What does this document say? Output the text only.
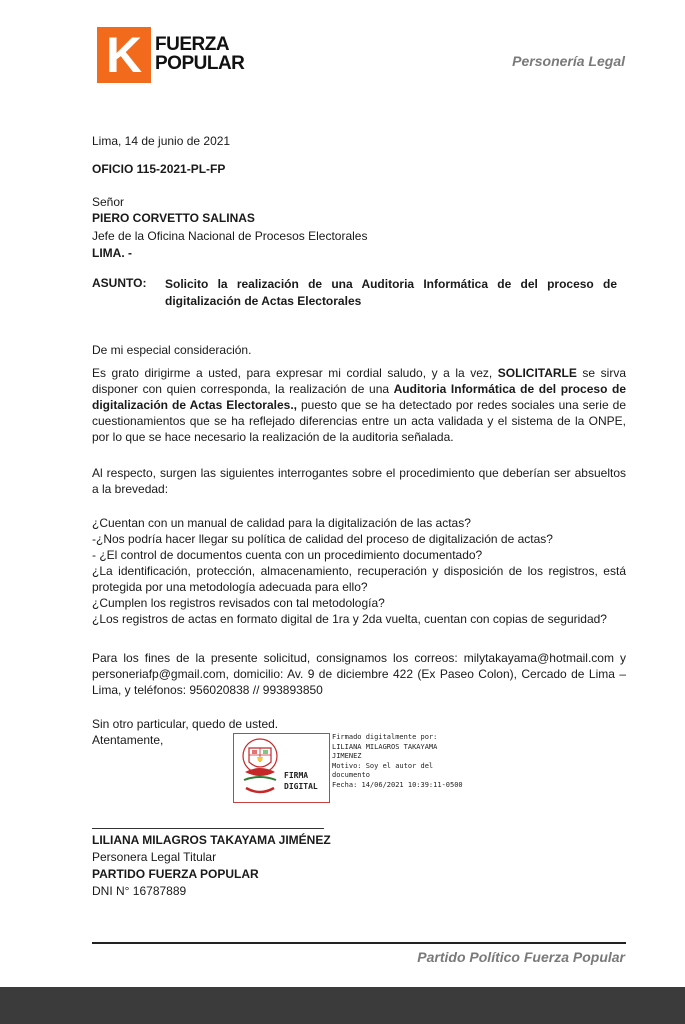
K FUERZA
POPULAR	Personería Legal
Lima, 14 de junio de 2021
OFICIO 115-2021-PL-FP
Señor
PIERO CORVETTO SALINAS
Jefe de la Oficina Nacional de Procesos Electorales
LIMA. -
ASUNTO: Solicito la realización de una Auditoria Informática de del proceso de digitalización de Actas Electorales
De mi especial consideración.

Es grato dirigirme a usted, para expresar mi cordial saludo, y a la vez, SOLICITARLE se sirva disponer con quien corresponda, la realización de una Auditoria Informática de del proceso de digitalización de Actas Electorales., puesto que se ha detectado por redes sociales una serie de cuestionamientos que se ha reflejado diferencias entre un acta validada y el sistema de la ONPE, por lo que se hace necesario la realización de la auditoria señalada.

Al respecto, surgen las siguientes interrogantes sobre el procedimiento que deberían ser absueltos a la brevedad:
¿Cuentan con un manual de calidad para la digitalización de las actas?
-¿Nos podría hacer llegar su política de calidad del proceso de digitalización de actas?
- ¿El control de documentos cuenta con un procedimiento documentado?
¿La identificación, protección, almacenamiento, recuperación y disposición de los registros, está protegida por una metodología adecuada para ello?
¿Cumplen los registros revisados con tal metodología?
¿Los registros de actas en formato digital de 1ra y 2da vuelta, cuentan con copias de seguridad?
Para los fines de la presente solicitud, consignamos los correos: milytakayama@hotmail.com y personeriafp@gmail.com, domicilio: Av. 9 de diciembre 422 (Ex Paseo Colon), Cercado de Lima – Lima, y teléfonos: 956020838 // 993893850
Sin otro particular, quedo de usted.
Atentamente,
FIRMA
DIGITAL
Firmado digitalmente por:
LILIANA MILAGROS TAKAYAMA
JIMENEZ
Motivo: Soy el autor del
documento
Fecha: 14/06/2021 10:39:11-0500
LILIANA MILAGROS TAKAYAMA JIMÉNEZ
Personera Legal Titular
PARTIDO FUERZA POPULAR
DNI N° 16787889
Partido Político Fuerza Popular
